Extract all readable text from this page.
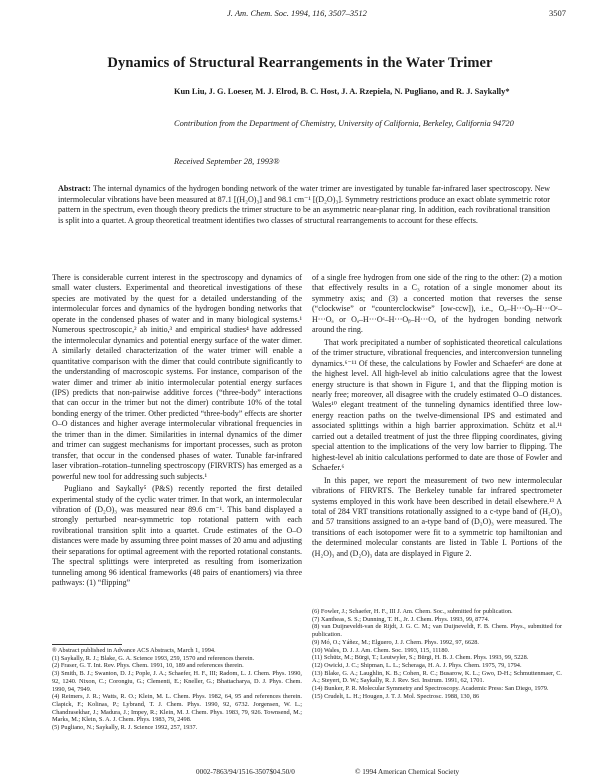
J. Am. Chem. Soc. 1994, 116, 3507–3512	3507
Dynamics of Structural Rearrangements in the Water Trimer
Kun Liu, J. G. Loeser, M. J. Elrod, B. C. Host, J. A. Rzepiela, N. Pugliano, and R. J. Saykally*
Contribution from the Department of Chemistry, University of California, Berkeley, California 94720
Received September 28, 1993®
Abstract: The internal dynamics of the hydrogen bonding network of the water trimer are investigated by tunable far-infrared laser spectroscopy. New intermolecular vibrations have been measured at 87.1 [(H₂O)₃] and 98.1 cm⁻¹ [(D₂O)₃]. Symmetry restrictions produce an exact oblate symmetric rotor pattern in the spectrum, even though theory predicts the trimer structure to be an asymmetric near-planar ring. In addition, each rovibrational transition is split into a quartet. A group theoretical treatment identifies two classes of structural rearrangements to account for these effects.

There is considerable current interest in the spectroscopy and dynamics of small water clusters. Experimental and theoretical investigations of these species are motivated by the quest for a detailed understanding of the intermolecular forces and dynamics of the hydrogen bonding networks that operate in the condensed phases of water and in many biological systems.¹ Numerous spectroscopic,² ab initio,³ and empirical studies⁴ have addressed the intermolecular dynamics and potential energy surface of the water dimer. A similarly detailed characterization of the water trimer will enable a quantitative comparison with the dimer that could contribute significantly to the understanding of macroscopic systems. For instance, comparison of the water dimer and trimer ab initio intermolecular potential energy surfaces (IPS) predicts that non-pairwise additive forces (“three-body” interactions that can occur in the trimer but not the dimer) contribute 10% of the total bonding energy of the trimer. Other predicted “three-body” effects are shorter O–O distances and higher average intermolecular vibrational frequencies in the trimer than in the dimer. Similarities in internal dynamics of the dimer and trimer can suggest mechanisms for important processes, such as proton transfer, that occur in the condensed phases of water. Tunable far-infrared laser vibration–rotation–tunneling spectroscopy (FIRVRTS) has emerged as a powerful new tool for addressing such subjects.¹

Pugliano and Saykally⁵ (P&S) recently reported the first detailed experimental study of the cyclic water trimer. In that work, an intermolecular vibration of (D₂O)₃ was measured near 89.6 cm⁻¹. This band displayed a strongly perturbed near-symmetric top rotational pattern with each rovibrational transition split into a quartet. Crude estimates of the O–O distances were made by assuming three point masses of 20 amu and adjusting their separations for optimal agreement with the reported rotational constants. The spectral splittings were interpreted as resulting from isomerization tunneling among 96 identical frameworks (48 pairs of enantiomers) via three pathways: (1) “flipping”

of a single free hydrogen from one side of the ring to the other: (2) a motion that effectively results in a C₃ rotation of a single monomer about its symmetry axis; and (3) a concerted motion that reverses the sense (“clockwise” or “counterclockwise” [ow-ccw]), i.e., Oₐ–H···Oᵦ–H···Oᶜ–H···Oₐ or Oₐ–H···Oᶜ–H···Oᵦ–H···Oₐ of the hydrogen bonding network around the ring.

That work precipitated a number of sophisticated theoretical calculations of the trimer structure, vibrational frequencies, and interconversion tunneling dynamics.⁶⁻¹¹ Of these, the calculations by Fowler and Schaefer⁶ are done at the highest level. All high-level ab initio calculations agree that the lowest energy structure is that shown in Figure 1, and that the flipping motion is nearly free; moreover, all disagree with the crudely estimated O–O distances. Wales¹⁰ elegant treatment of the tunneling dynamics identified three low-energy reaction paths on the twelve-dimensional IPS and estimated and associated splittings within a high barrier approximation. Schütz et al.¹¹ carried out a detailed treatment of just the three flipping coordinates, giving special attention to the implications of the very low barrier to flipping. The highest-level ab initio calculations performed to date are those of Fowler and Schaefer.⁶

In this paper, we report the measurement of two new intermolecular vibrations of FIRVRTS. The Berkeley tunable far infrared spectrometer systems employed in this work have been described in detail elsewhere.¹³ A total of 284 VRT transitions rotationally assigned to a c-type band of (H₂O)₃ and 57 transitions assigned to an a-type band of (D₂O)₃ were measured. The transitions of each isotopomer were fit to a symmetric top hamiltonian and the determined molecular constants are listed in Table I. Portions of the (H₂O)₃ and (D₂O)₃ data are displayed in Figure 2.

® Abstract published in Advance ACS Abstracts, March 1, 1994.
(1) Saykally, R. J.; Blake, G. A. Science 1993, 259, 1570 and references therein.
(2) Fraser, G. T. Int. Rev. Phys. Chem. 1991, 10, 189 and references therein.
(3) Smith, B. J.; Swanton, D. J.; Pople, J. A.; Schaefer, H. F., III; Radom, L. J. Chem. Phys. 1990, 92, 1240. Nixon, C.; Corongiu, G.; Clementi, E.; Kneller, G.; Bhattacharya, D. J. Phys. Chem. 1990, 94, 7949.
(4) Reimers, J. R.; Watts, R. O.; Klein, M. L. Chem. Phys. 1982, 64, 95 and references therein. Clapick, F.; Kolinas, P.; Lybrand, T. J. Chem. Phys. 1990, 92, 6732. Jorgensen, W. L.; Chandrasekhar, J.; Madura, J.; Impey, R.; Klein, M. J. Chem. Phys. 1983, 79, 926. Townsend, M.; Marks, M.; Klein, S. A. J. Chem. Phys. 1983, 79, 2498.
(5) Pugliano, N.; Saykally, R. J. Science 1992, 257, 1937.
(6) Fowler, J.; Schaefer, H. F., III J. Am. Chem. Soc., submitted for publication.
(7) Xantheas, S. S.; Dunning, T. H., Jr. J. Chem. Phys. 1993, 99, 8774.
(8) van Duijneveldt-van de Rijdt, J. G. C. M.; van Duijneveldt, F. B. Chem. Phys., submitted for publication.
(9) Mó, O.; Yáñez, M.; Elguero, J. J. Chem. Phys. 1992, 97, 6628.
(10) Wales, D. J. J. Am. Chem. Soc. 1993, 115, 11180.
(11) Schütz, M.; Bürgi, T.; Leutwyler, S.; Bürgi, H. B. J. Chem. Phys. 1993, 99, 5228.
(12) Owicki, J. C.; Shipman, L. L.; Scheraga, H. A. J. Phys. Chem. 1975, 79, 1794.
(13) Blake, G. A.; Laughlin, K. B.; Cohen, R. C.; Busarow, K. L.; Gwo, D-H.; Schmuttenmaer, C. A.; Steyert, D. W.; Saykally, R. J. Rev. Sci. Instrum. 1991, 62, 1701.
(14) Bunker, P. R. Molecular Symmetry and Spectroscopy. Academic Press: San Diego, 1979.
(15) Crudelt, L. H.; Hougen, J. T. J. Mol. Spectrosc. 1988, 130, 86
0002-7863/94/1516-3507$04.50/0	© 1994 American Chemical Society
